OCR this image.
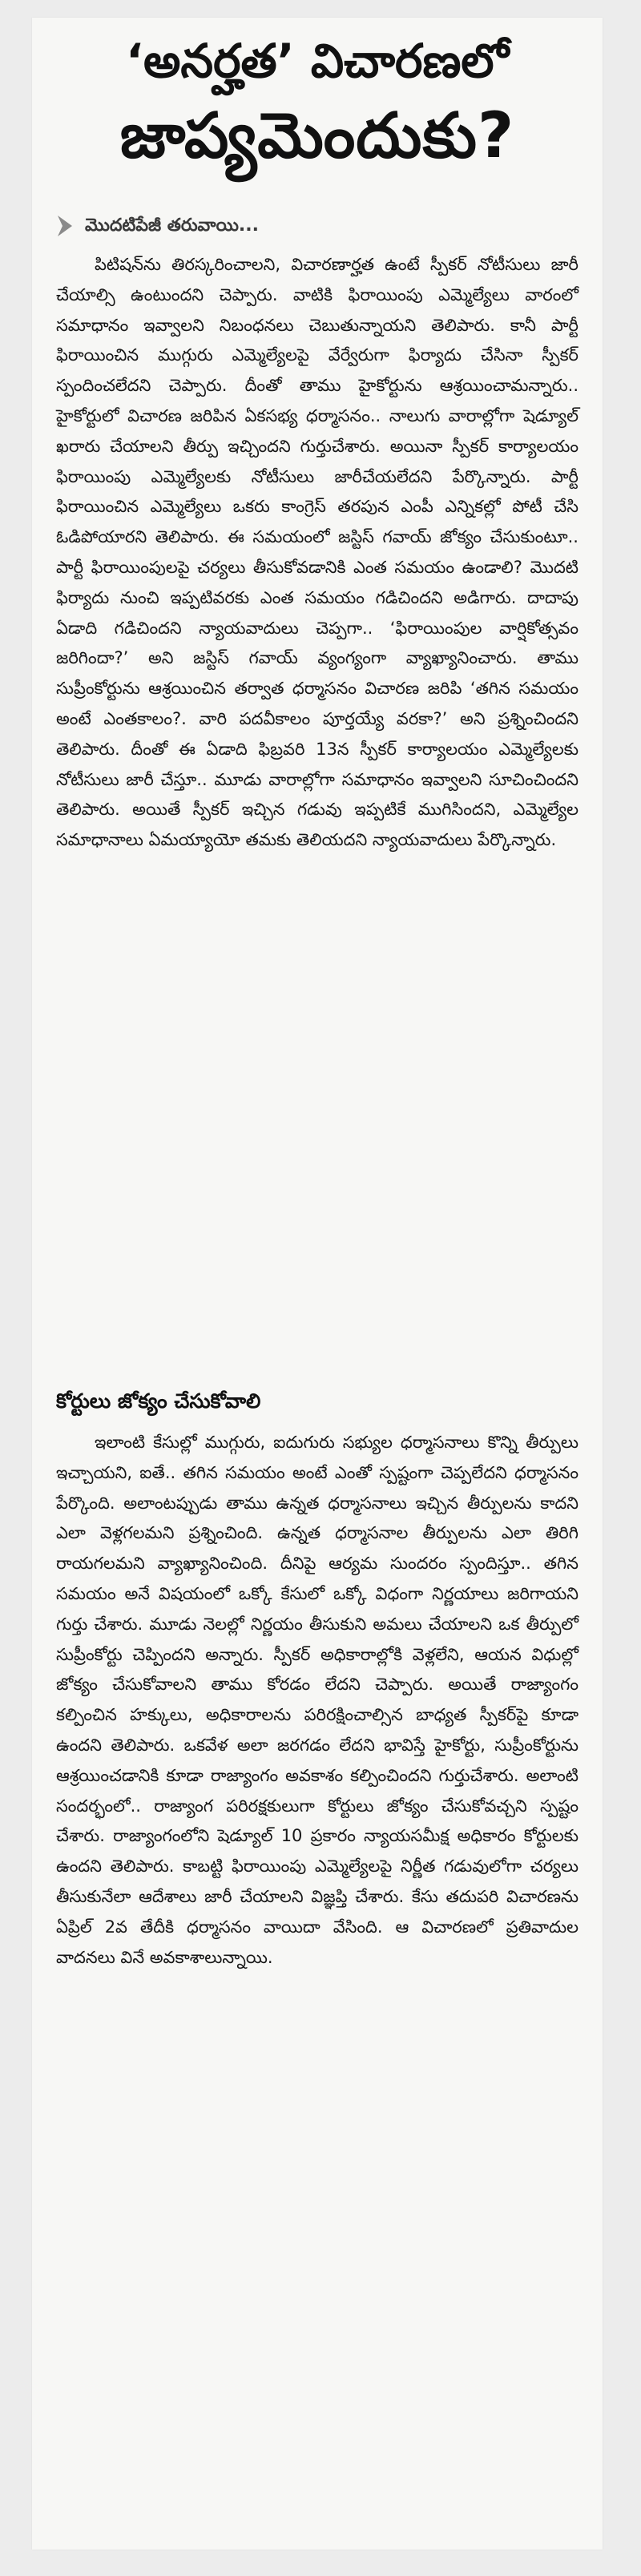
‘అనర్హత’ విచారణలో
జాప్యమెందుకు?
మొదటిపేజీ తరువాయి...

పిటిషన్‌ను తిరస్కరించాలని, విచారణార్హత ఉంటే స్పీకర్ నోటీసులు జారీ చేయాల్సి ఉంటుందని చెప్పారు. వాటికి ఫిరాయింపు ఎమ్మెల్యేలు వారంలో సమాధానం ఇవ్వాలని నిబంధనలు చెబుతున్నాయని తెలిపారు. కానీ పార్టీ ఫిరాయించిన ముగ్గురు ఎమ్మెల్యేలపై వేర్వేరుగా ఫిర్యాదు చేసినా స్పీకర్ స్పందించలేదని చెప్పారు. దీంతో తాము హైకోర్టును ఆశ్రయించామన్నారు.. హైకోర్టులో విచారణ జరిపిన ఏకసభ్య ధర్మాసనం.. నాలుగు వారాల్లోగా షెడ్యూల్ ఖరారు చేయాలని తీర్పు ఇచ్చిందని గుర్తుచేశారు. అయినా స్పీకర్ కార్యాలయం ఫిరాయింపు ఎమ్మెల్యేలకు నోటీసులు జారీచేయలేదని పేర్కొన్నారు. పార్టీ ఫిరాయించిన ఎమ్మెల్యేలు ఒకరు కాంగ్రెస్ తరపున ఎంపీ ఎన్నికల్లో పోటీ చేసి ఓడిపోయారని తెలిపారు. ఈ సమయంలో జస్టిస్ గవాయ్ జోక్యం చేసుకుంటూ.. పార్టీ ఫిరాయింపులపై చర్యలు తీసుకోవడానికి ఎంత సమయం ఉండాలి? మొదటి ఫిర్యాదు నుంచి ఇప్పటివరకు ఎంత సమయం గడిచిందని అడిగారు. దాదాపు ఏడాది గడిచిందని న్యాయవాదులు చెప్పగా.. ‘ఫిరాయింపుల వార్షికోత్సవం జరిగిందా?’ అని జస్టిస్ గవాయ్ వ్యంగ్యంగా వ్యాఖ్యానించారు. తాము సుప్రీంకోర్టును ఆశ్రయించిన తర్వాత ధర్మాసనం విచారణ జరిపి ‘తగిన సమయం అంటే ఎంతకాలం?. వారి పదవీకాలం పూర్తయ్యే వరకా?’ అని ప్రశ్నించిందని తెలిపారు. దీంతో ఈ ఏడాది ఫిబ్రవరి 13న స్పీకర్ కార్యాలయం ఎమ్మెల్యేలకు నోటీసులు జారీ చేస్తూ.. మూడు వారాల్లోగా సమాధానం ఇవ్వాలని సూచించిందని తెలిపారు. అయితే స్పీకర్ ఇచ్చిన గడువు ఇప్పటికే ముగిసిందని, ఎమ్మెల్యేల సమాధానాలు ఏమయ్యాయో తమకు తెలియదని న్యాయవాదులు పేర్కొన్నారు.

కోర్టులు జోక్యం చేసుకోవాలి

ఇలాంటి కేసుల్లో ముగ్గురు, ఐదుగురు సభ్యుల ధర్మాసనాలు కొన్ని తీర్పులు ఇచ్చాయని, ఐతే.. తగిన సమయం అంటే ఎంతో స్పష్టంగా చెప్పలేదని ధర్మాసనం పేర్కొంది. అలాంటప్పుడు తాము ఉన్నత ధర్మాసనాలు ఇచ్చిన తీర్పులను కాదని ఎలా వెళ్లగలమని ప్రశ్నించింది. ఉన్నత ధర్మాసనాల తీర్పులను ఎలా తిరిగి రాయగలమని వ్యాఖ్యానించింది. దీనిపై ఆర్యమ సుందరం స్పందిస్తూ.. తగిన సమయం అనే విషయంలో ఒక్కో కేసులో ఒక్కో విధంగా నిర్ణయాలు జరిగాయని గుర్తు చేశారు. మూడు నెలల్లో నిర్ణయం తీసుకుని అమలు చేయాలని ఒక తీర్పులో సుప్రీంకోర్టు చెప్పిందని అన్నారు. స్పీకర్ అధికారాల్లోకి వెళ్లలేని, ఆయన విధుల్లో జోక్యం చేసుకోవాలని తాము కోరడం లేదని చెప్పారు. అయితే రాజ్యాంగం కల్పించిన హక్కులు, అధికారాలను పరిరక్షించాల్సిన బాధ్యత స్పీకర్‌పై కూడా ఉందని తెలిపారు. ఒకవేళ అలా జరగడం లేదని భావిస్తే హైకోర్టు, సుప్రీంకోర్టును ఆశ్రయించడానికి కూడా రాజ్యాంగం అవకాశం కల్పించిందని గుర్తుచేశారు. అలాంటి సందర్భంలో.. రాజ్యాంగ పరిరక్షకులుగా కోర్టులు జోక్యం చేసుకోవచ్చని స్పష్టం చేశారు. రాజ్యాంగంలోని షెడ్యూల్ 10 ప్రకారం న్యాయసమీక్ష అధికారం కోర్టులకు ఉందని తెలిపారు. కాబట్టి ఫిరాయింపు ఎమ్మెల్యేలపై నిర్ణీత గడువులోగా చర్యలు తీసుకునేలా ఆదేశాలు జారీ చేయాలని విజ్ఞప్తి చేశారు. కేసు తదుపరి విచారణను ఏప్రిల్ 2వ తేదీకి ధర్మాసనం వాయిదా వేసింది. ఆ విచారణలో ప్రతివాదుల వాదనలు వినే అవకాశాలున్నాయి.
